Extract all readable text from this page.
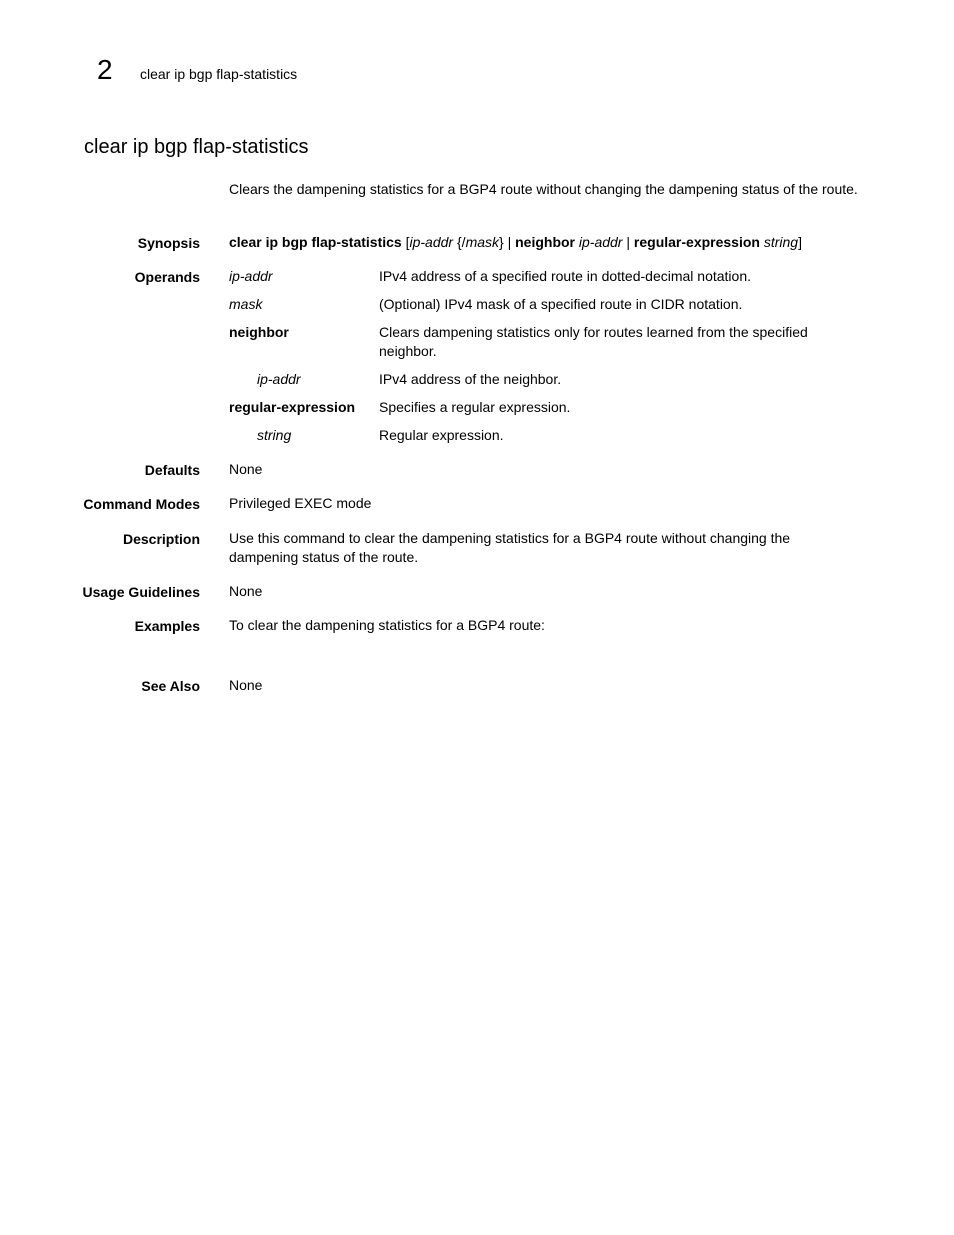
2 clear ip bgp flap-statistics
clear ip bgp flap-statistics
Clears the dampening statistics for a BGP4 route without changing the dampening status of the route.
Synopsis clear ip bgp flap-statistics [ip-addr {/mask} | neighbor ip-addr | regular-expression string]
Operands ip-addr	IPv4 address of a specified route in dotted-decimal notation.
mask	(Optional) IPv4 mask of a specified route in CIDR notation.
neighbor	Clears dampening statistics only for routes learned from the specified neighbor.
ip-addr	IPv4 address of the neighbor.
regular-expression Specifies a regular expression.
string	Regular expression.
Defaults None
Command Modes Privileged EXEC mode
Description Use this command to clear the dampening statistics for a BGP4 route without changing the dampening status of the route.
Usage Guidelines None
Examples To clear the dampening statistics for a BGP4 route:
See Also None
